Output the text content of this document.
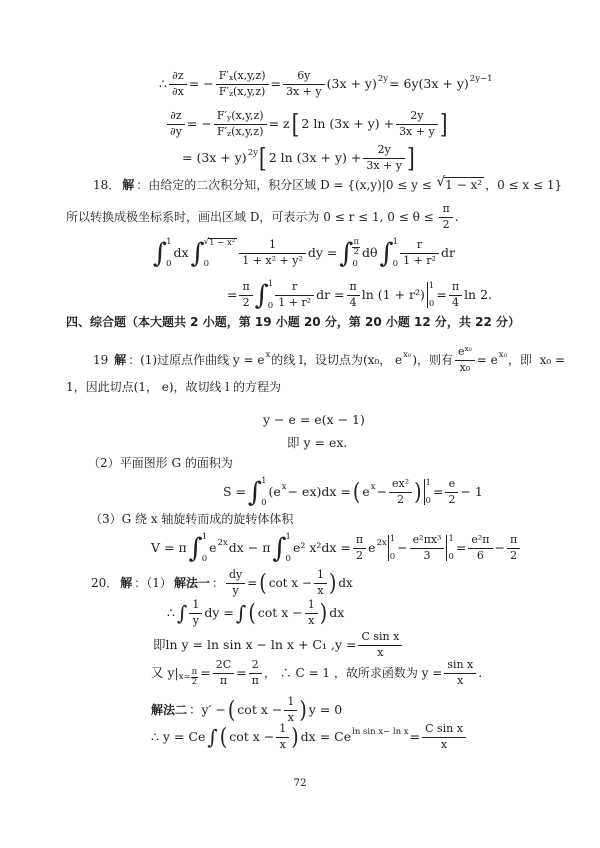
∴ $\frac{\partial z}{\partial x}$ = − $\frac{F'^x (x,y,z)}{F'^z (x,y,z)} = \frac{6y}{3x + y} (3x + y)^{2y} = 6y(3x + y)^{2y-1}$
$\frac{\partial z}{\partial y}$ = − $\frac{F'^y (x,y,z)}{F'^z (x,y,z)} = z$ [ 2 $\ln (3x + y) + \frac{2y}{3x + y}$ ]
= $(3x + y)^{2y}$ [ 2 $\ln (3x + y) + \frac{2y}{3x + y}$ ]
18． 解 ：由给定的二次积分知，积分区域 D = {(x,y)|0 ≤ y ≤ √ 1 − x² ，0 ≤ x ≤ 1}
所以转换成极坐标系时，画出区域 D，可表示为 0 ≤ r ≤ 1, $0 \le \theta \le \frac{\pi}{2}$ .
∫ 1
0
dx ∫ √ 1 − x²
0	$\frac{1}{\text{1 + x² + y²}}$ dy = ∫ $\frac{\pi}{2}$
0
dθ ∫ 1
$0 \frac{r}{\text{1 + r²}}$ dr
= $\frac{\pi}{2}$ ∫ 1
$0 \frac{r}{\text{1 + r²}}$ dr = $\frac{\pi}{4}$ ln (1 + r²)
1
0
= $\frac{\pi}{4}$ ln 2.
四、综合题（本大题共 2 小题，第 19 小题 20 分，第 20 小题 12 分，共 22 分）
19 解 ：(1)过原点作曲线 $y = e^x$ 的线 l，设切点为(x₀， $e^{x_0}$ )，则有 $\frac{e^{x_0}}{\text{x₀}} = e^{x_0}$ ，即  x₀ =
1，因此切点(1， e)，故切线 l 的方程为
y − e = e(x − 1)
即 y = ex.
（2）平面图形 G 的面积为
S = ∫ 1
0
$(e^x - ex)dx$ = ( $e^x - \frac{\text{ex²}}{2}$ ) 1
0
= $\frac{e}{2} - 1$
（3）G 绕 x 轴旋转而成的旋转体体积
V = π ∫ 1
0
$e^{2x}$ dx − π ∫ 1
0
e² $x^2dx = \frac{\pi}{2} e^{2x}$ 1
0
− $\frac{\text{e²πx³}}{3} 1$
0
= $\frac{\text{e²π}}{6} - \frac{\pi}{2}$
20． 解 ：（1） 解法一 ： $\frac{dy}{y}$ = ( $\cot x - \frac{1}{x}$ ) dx
∴ ∫ $\frac{1}{y}$ dy = ∫ ( $\cot x - \frac{1}{x}$ ) dx
即ln y = ln sin x − ln x + C₁ $,y = \frac{\text{C sin x}}{x}$
又 y| $x= \frac{\pi}{2} = \frac{2C}{\pi} = \frac{2}{\pi}$ ， ∴ C = 1 ，故所求函数为 $y = \frac{\text{sin x}}{x}$ .
解法二 ：y′ − ( $\cot x - \frac{1}{x}$ ) y = 0
∴ y = Ce ∫ ( $\cot x - \frac{1}{x}$ ) dx = $Ce^{ln sin x- ln x} = \frac{\text{C sin x}}{x}$
72
